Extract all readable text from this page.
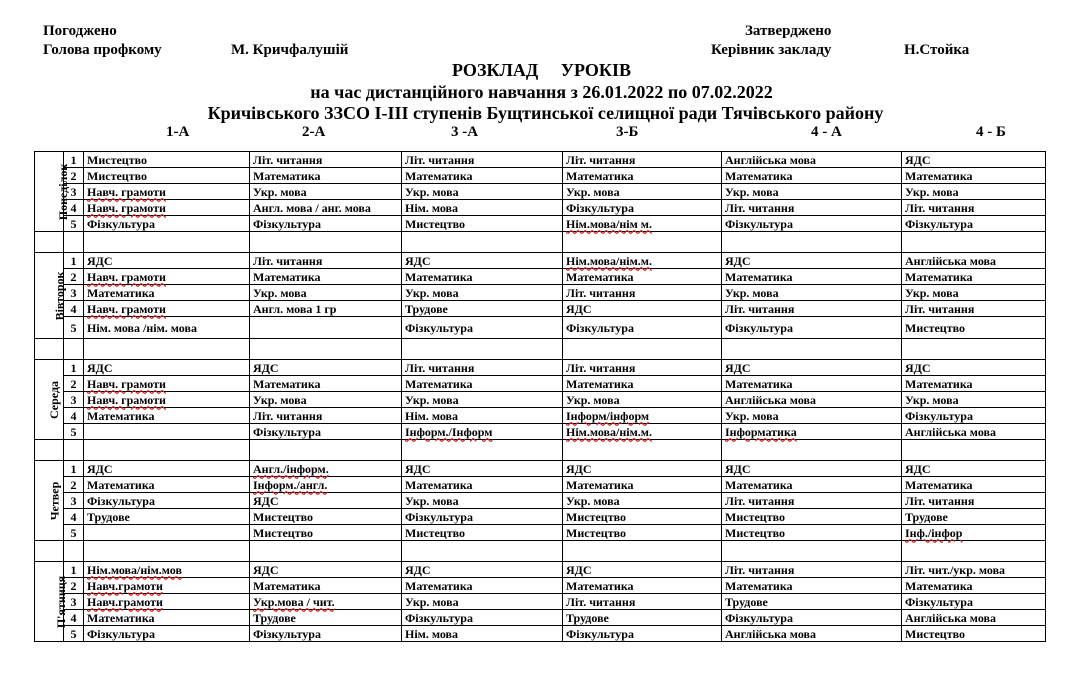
Погоджено
Голова профкому	М. Кричфалушій
Затверджено
Керівник закладу	Н.Стойка
РОЗКЛАД     УРОКІВ
на час дистанційного навчання з 26.01.2022 по 07.02.2022
Кричівського ЗЗСО І-ІІІ ступенів Бущтинської селищної ради Тячівського району
1-А	2-А	3 -А	3-Б	4 - А	4 - Б
Понеділок	1	Мистецтво	Літ. читання	Літ. читання	Літ. читання	Англійська мова	ЯДС
	2	Мистецтво	Математика	Математика	Математика	Математика	Математика
	3	Навч. грамоти	Укр. мова	Укр. мова	Укр. мова	Укр. мова	Укр. мова
	4	Навч. грамоти	Англ. мова / анг. мова	Нім. мова	Фізкультура	Літ. читання	Літ. читання
	5	Фізкультура	Фізкультура	Мистецтво	Нім.мова/нім м.	Фізкультура	Фізкультура

Вівторок	1	ЯДС	Літ. читання	ЯДС	Нім.мова/нім.м.	ЯДС	Англійська мова
	2	Навч. грамоти	Математика	Математика	Математика	Математика	Математика
	3	Математика	Укр. мова	Укр. мова	Літ. читання	Укр. мова	Укр. мова
	4	Навч. грамоти	Англ. мова 1 гр	Трудове	ЯДС	Літ. читання	Літ. читання
	5	Нім. мова /нім. мова		Фізкультура	Фізкультура	Фізкультура	Мистецтво

Середа	1	ЯДС	ЯДС	Літ. читання	Літ. читання	ЯДС	ЯДС
	2	Навч. грамоти	Математика	Математика	Математика	Математика	Математика
	3	Навч. грамоти	Укр. мова	Укр. мова	Укр. мова	Англійська мова	Укр. мова
	4	Математика	Літ. читання	Нім. мова	Інформ/інформ	Укр. мова	Фізкультура
	5		Фізкультура	Інформ./Інформ	Нім.мова/нім.м.	Інформатика	Англійська мова

Четвер	1	ЯДС	Англ./інформ.	ЯДС	ЯДС	ЯДС	ЯДС
	2	Математика	Інформ./англ.	Математика	Математика	Математика	Математика
	3	Фізкультура	ЯДС	Укр. мова	Укр. мова	Літ. читання	Літ. читання
	4	Трудове	Мистецтво	Фізкультура	Мистецтво	Мистецтво	Трудове
	5		Мистецтво	Мистецтво	Мистецтво	Мистецтво	Інф./інфор

П'ятниця	1	Нім.мова/нім.мов	ЯДС	ЯДС	ЯДС	Літ. читання	Літ. чит./укр. мова
	2	Навч.грамоти	Математика	Математика	Математика	Математика	Математика
	3	Навч.грамоти	Укр.мова / чит.	Укр. мова	Літ. читання	Трудове	Фізкультура
	4	Математика	Трудове	Фізкультура	Трудове	Фізкультура	Англійська мова
	5	Фізкультура	Фізкультура	Нім. мова	Фізкультура	Англійська мова	Мистецтво
